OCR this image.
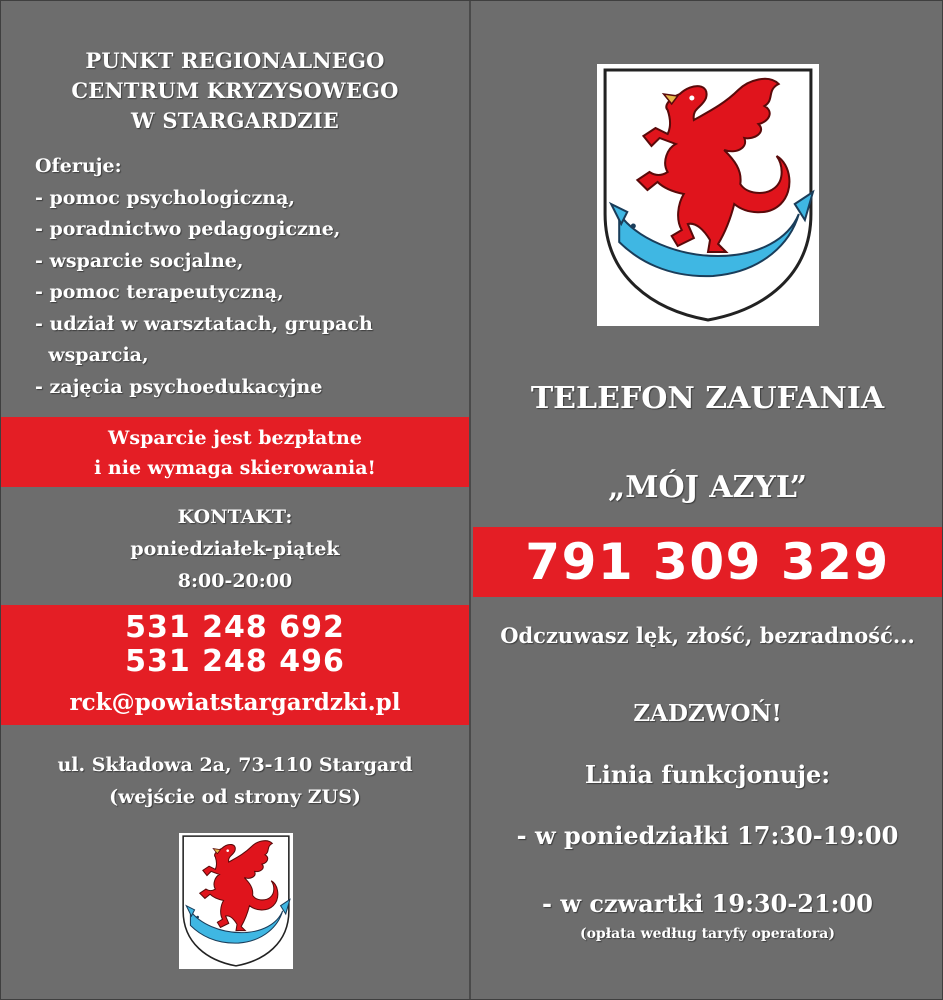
PUNKT REGIONALNEGO
CENTRUM KRYZYSOWEGO
W STARGARDZIE
Oferuje:
- pomoc psychologiczną,
- poradnictwo pedagogiczne,
- wsparcie socjalne,
- pomoc terapeutyczną,
- udział w warsztatach, grupach
wsparcia,
- zajęcia psychoedukacyjne
Wsparcie jest bezpłatne
i nie wymaga skierowania!
KONTAKT:
poniedziałek-piątek
8:00-20:00
531 248 692
531 248 496
rck@powiatstargardzki.pl
ul. Składowa 2a, 73-110 Stargard
(wejście od strony ZUS)
TELEFON ZAUFANIA
„MÓJ AZYL”
791 309 329
Odczuwasz lęk, złość, bezradność...
ZADZWOŃ!
Linia funkcjonuje:
- w poniedziałki 17:30-19:00
- w czwartki 19:30-21:00
(opłata według taryfy operatora)
